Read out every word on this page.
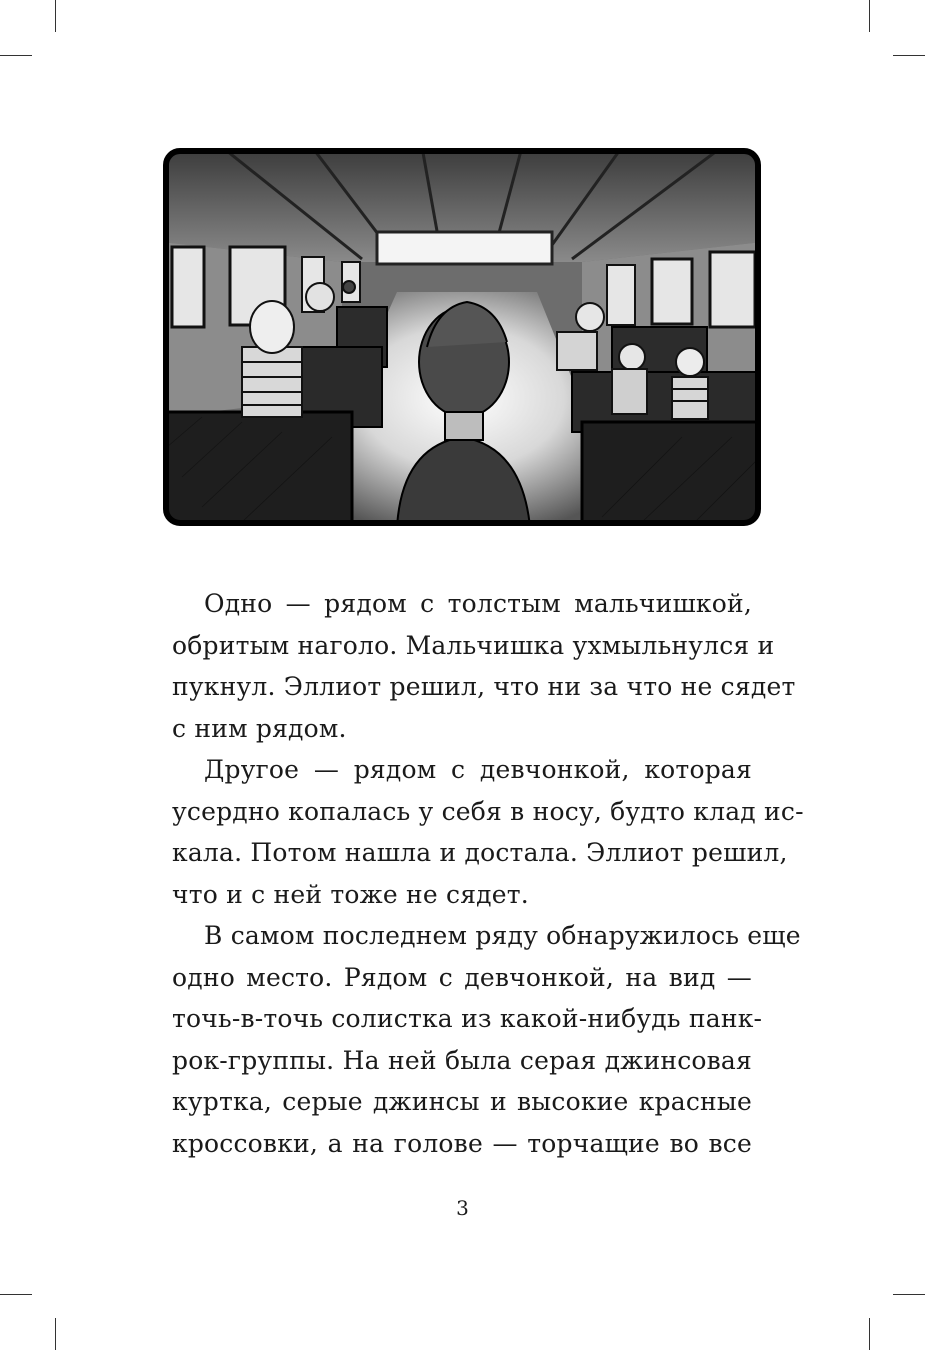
Одно — рядом с толстым мальчишкой,
обритым наголо. Мальчишка ухмыльнулся и
пукнул. Эллиот решил, что ни за что не сядет
с ним рядом.
Другое — рядом с девчонкой, которая
усердно копалась у себя в носу, будто клад ис-
кала. Потом нашла и достала. Эллиот решил,
что и с ней тоже не сядет.
В самом последнем ряду обнаружилось еще
одно место. Рядом с девчонкой, на вид —
точь-в-точь солистка из какой-нибудь панк-
рок-группы. На ней была серая джинсовая
куртка, серые джинсы и высокие красные
кроссовки, а на голове — торчащие во все
3
